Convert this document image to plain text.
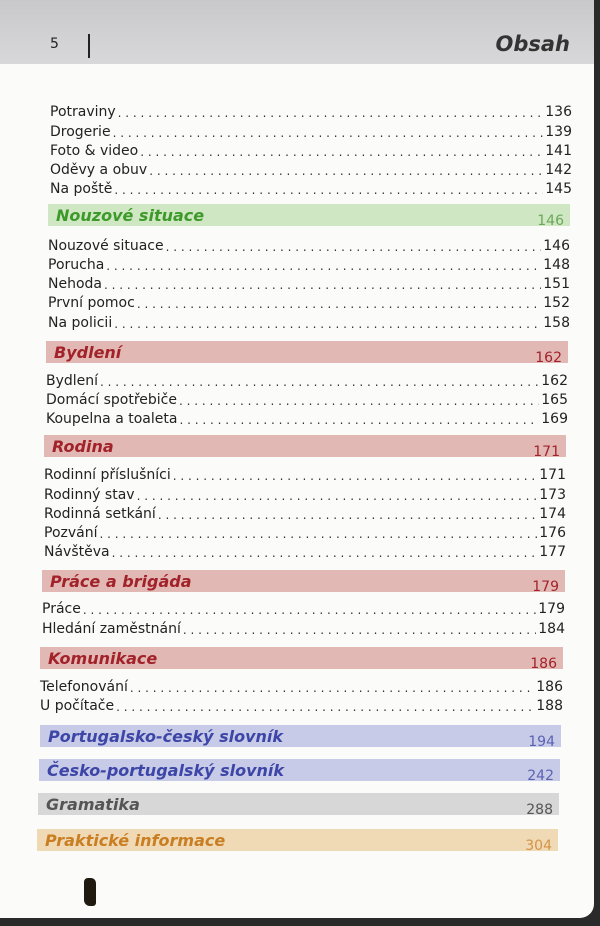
5	Obsah
Potraviny . . .	136
Drogerie . . .	139
Foto & video . . .	141
Oděvy a obuv . . .	142
Na poště . . .	145
Nouzové situace	146
Nouzové situace . . .	146
Porucha . . .	148
Nehoda . . .	151
První pomoc . . .	152
Na policii . . .	158
Bydlení	162
Bydlení . . .	162
Domácí spotřebiče . . .	165
Koupelna a toaleta . . .	169
Rodina	171
Rodinní příslušníci . . .	171
Rodinný stav . . .	173
Rodinná setkání . . .	174
Pozvání . . .	176
Návštěva . . .	177
Práce a brigáda	179
Práce . . .	179
Hledání zaměstnání . . .	184
Komunikace	186
Telefonování . . .	186
U počítače . . .	188
Portugalsko-český slovník	194
Česko-portugalský slovník	242
Gramatika	288
Praktické informace	304
